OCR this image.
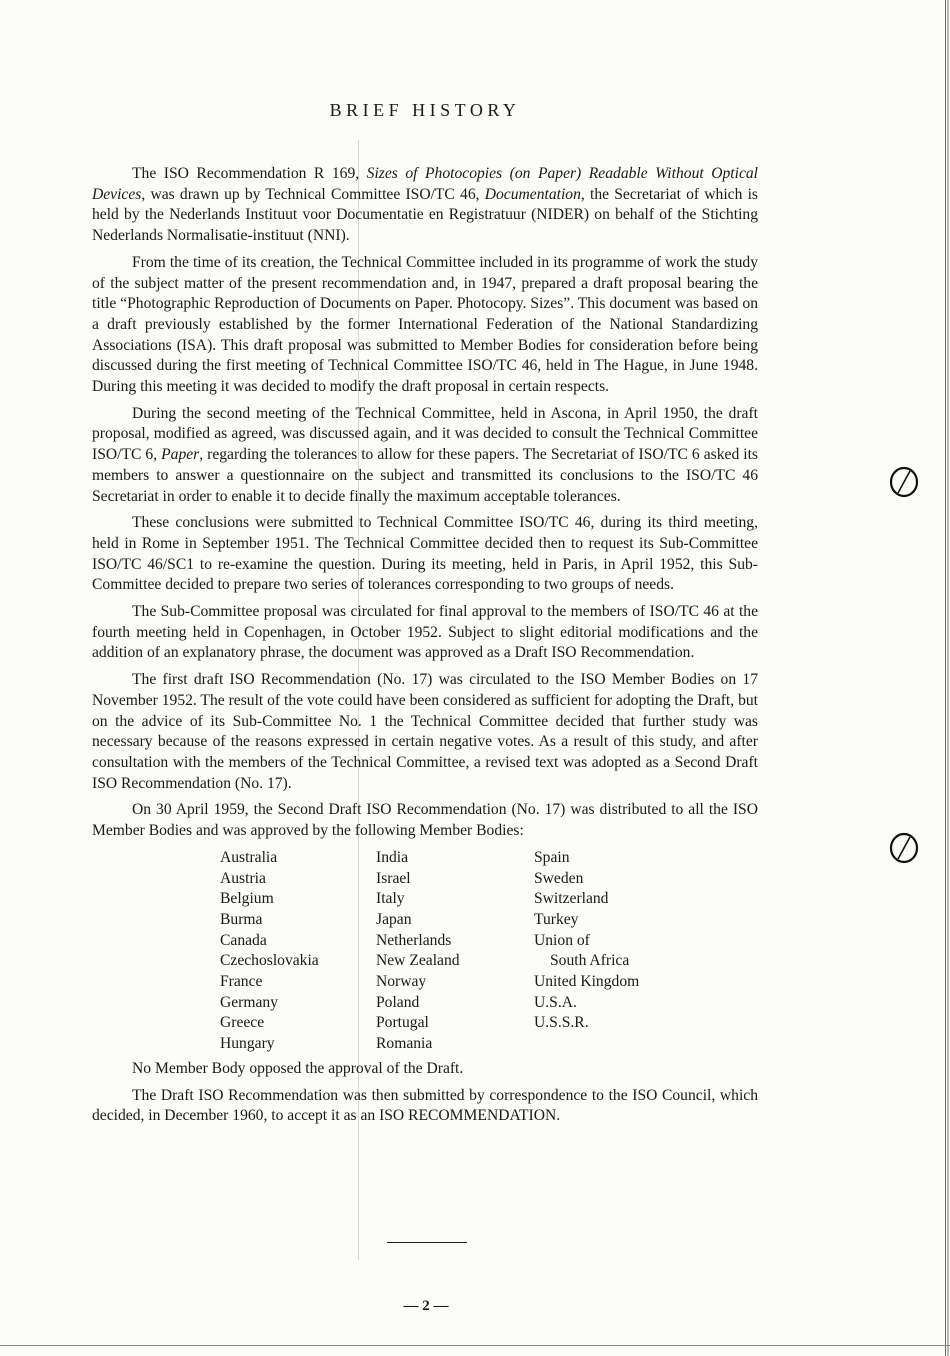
BRIEF HISTORY

The ISO Recommendation R 169, Sizes of Photocopies (on Paper) Readable Without Optical Devices, was drawn up by Technical Committee ISO/TC 46, Documentation, the Secretariat of which is held by the Nederlands Instituut voor Documentatie en Registratuur (NIDER) on behalf of the Stichting Nederlands Normalisatie-instituut (NNI).

From the time of its creation, the Technical Committee included in its programme of work the study of the subject matter of the present recommendation and, in 1947, prepared a draft proposal bearing the title “Photographic Reproduction of Documents on Paper. Photocopy. Sizes”. This document was based on a draft previously established by the former International Federation of the National Standardizing Associations (ISA). This draft proposal was submitted to Member Bodies for consideration before being discussed during the first meeting of Technical Committee ISO/TC 46, held in The Hague, in June 1948. During this meeting it was decided to modify the draft proposal in certain respects.

During the second meeting of the Technical Committee, held in Ascona, in April 1950, the draft proposal, modified as agreed, was discussed again, and it was decided to consult the Technical Committee ISO/TC 6, Paper, regarding the tolerances to allow for these papers. The Secretariat of ISO/TC 6 asked its members to answer a questionnaire on the subject and transmitted its conclusions to the ISO/TC 46 Secretariat in order to enable it to decide finally the maximum acceptable tolerances.

These conclusions were submitted to Technical Committee ISO/TC 46, during its third meeting, held in Rome in September 1951. The Technical Committee decided then to request its Sub-Committee ISO/TC 46/SC1 to re-examine the question. During its meeting, held in Paris, in April 1952, this Sub-Committee decided to prepare two series of tolerances corresponding to two groups of needs.

The Sub-Committee proposal was circulated for final approval to the members of ISO/TC 46 at the fourth meeting held in Copenhagen, in October 1952. Subject to slight editorial modifications and the addition of an explanatory phrase, the document was approved as a Draft ISO Recommendation.

The first draft ISO Recommendation (No. 17) was circulated to the ISO Member Bodies on 17 November 1952. The result of the vote could have been considered as sufficient for adopting the Draft, but on the advice of its Sub-Committee No. 1 the Technical Committee decided that further study was necessary because of the reasons expressed in certain negative votes. As a result of this study, and after consultation with the members of the Technical Committee, a revised text was adopted as a Second Draft ISO Recommendation (No. 17).

On 30 April 1959, the Second Draft ISO Recommendation (No. 17) was distributed to all the ISO Member Bodies and was approved by the following Member Bodies:

Australia
Austria
Belgium
Burma
Canada
Czechoslovakia
France
Germany
Greece
Hungary
India
Israel
Italy
Japan
Netherlands
New Zealand
Norway
Poland
Portugal
Romania
Spain
Sweden
Switzerland
Turkey
Union of
South Africa
United Kingdom
U.S.A.
U.S.S.R.

No Member Body opposed the approval of the Draft.

The Draft ISO Recommendation was then submitted by correspondence to the ISO Council, which decided, in December 1960, to accept it as an ISO RECOMMENDATION.

— 2 —
